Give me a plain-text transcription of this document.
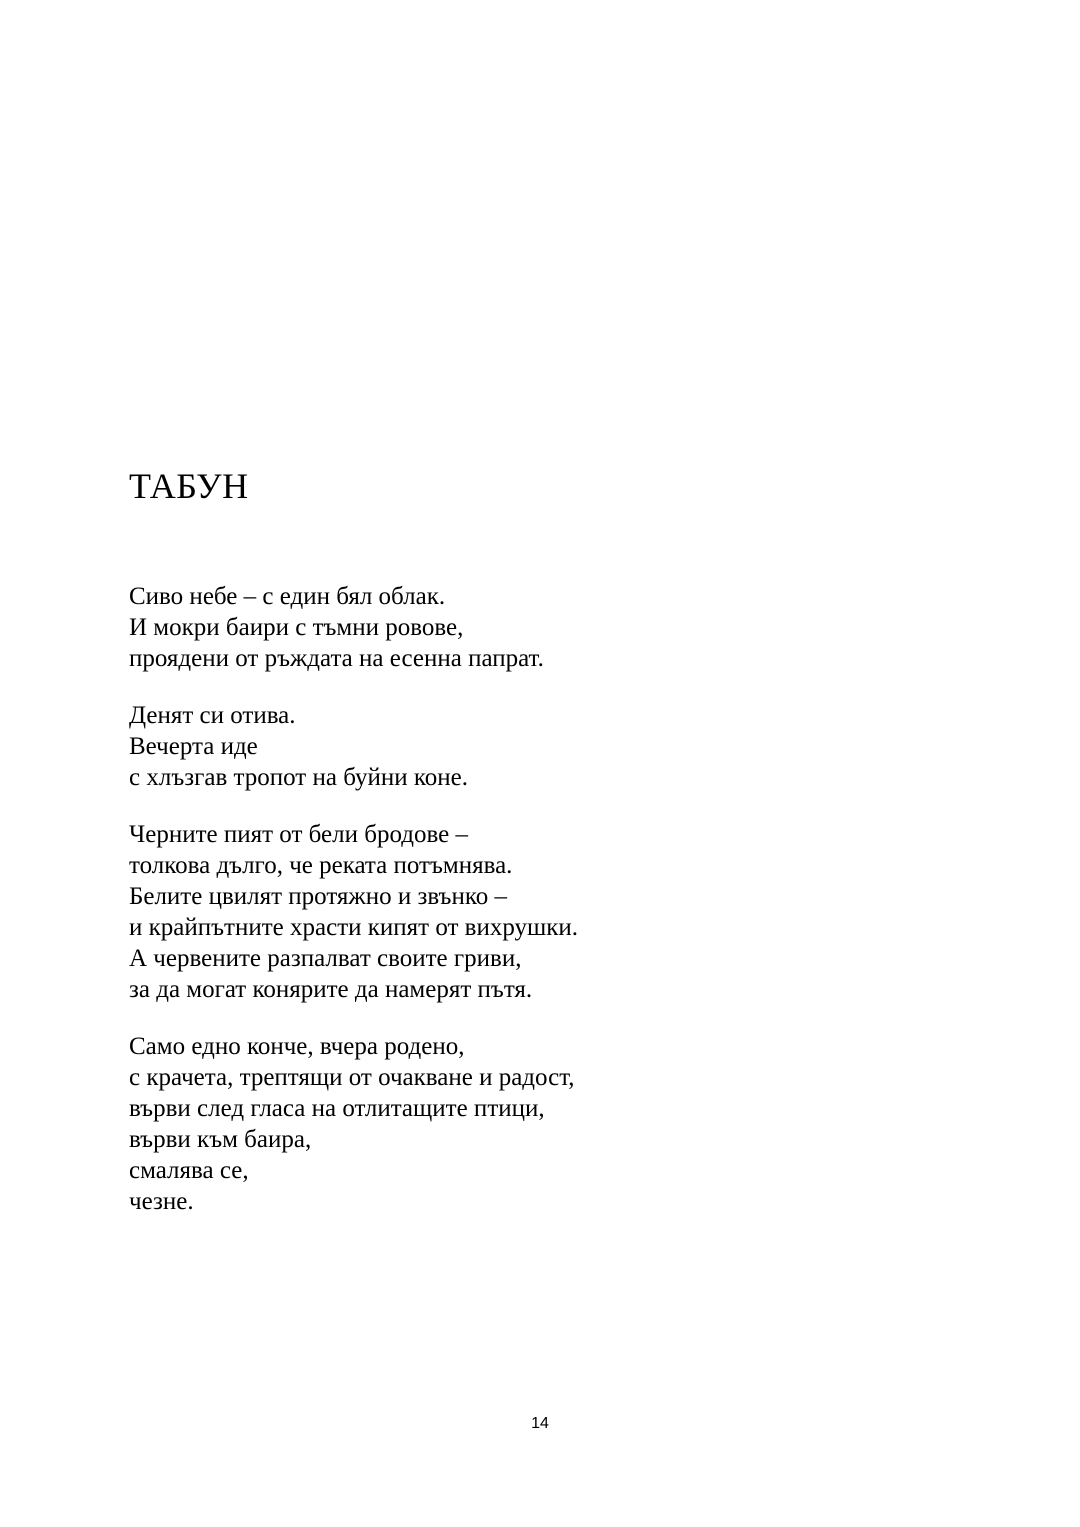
ТАБУН
Сиво небе – с един бял облак.
И мокри баири с тъмни ровове,
проядени от ръждата на есенна папрат.
Денят си отива.
Вечерта иде
с хлъзгав тропот на буйни коне.
Черните пият от бели бродове –
толкова дълго, че реката потъмнява.
Белите цвилят протяжно и звънко –
и крайпътните храсти кипят от вихрушки.
А червените разпалват своите гриви,
за да могат конярите да намерят пътя.
Само едно конче, вчера родено,
с крачета, трептящи от очакване и радост,
върви след гласа на отлитащите птици,
върви към баира,
смалява се,
чезне.
14
